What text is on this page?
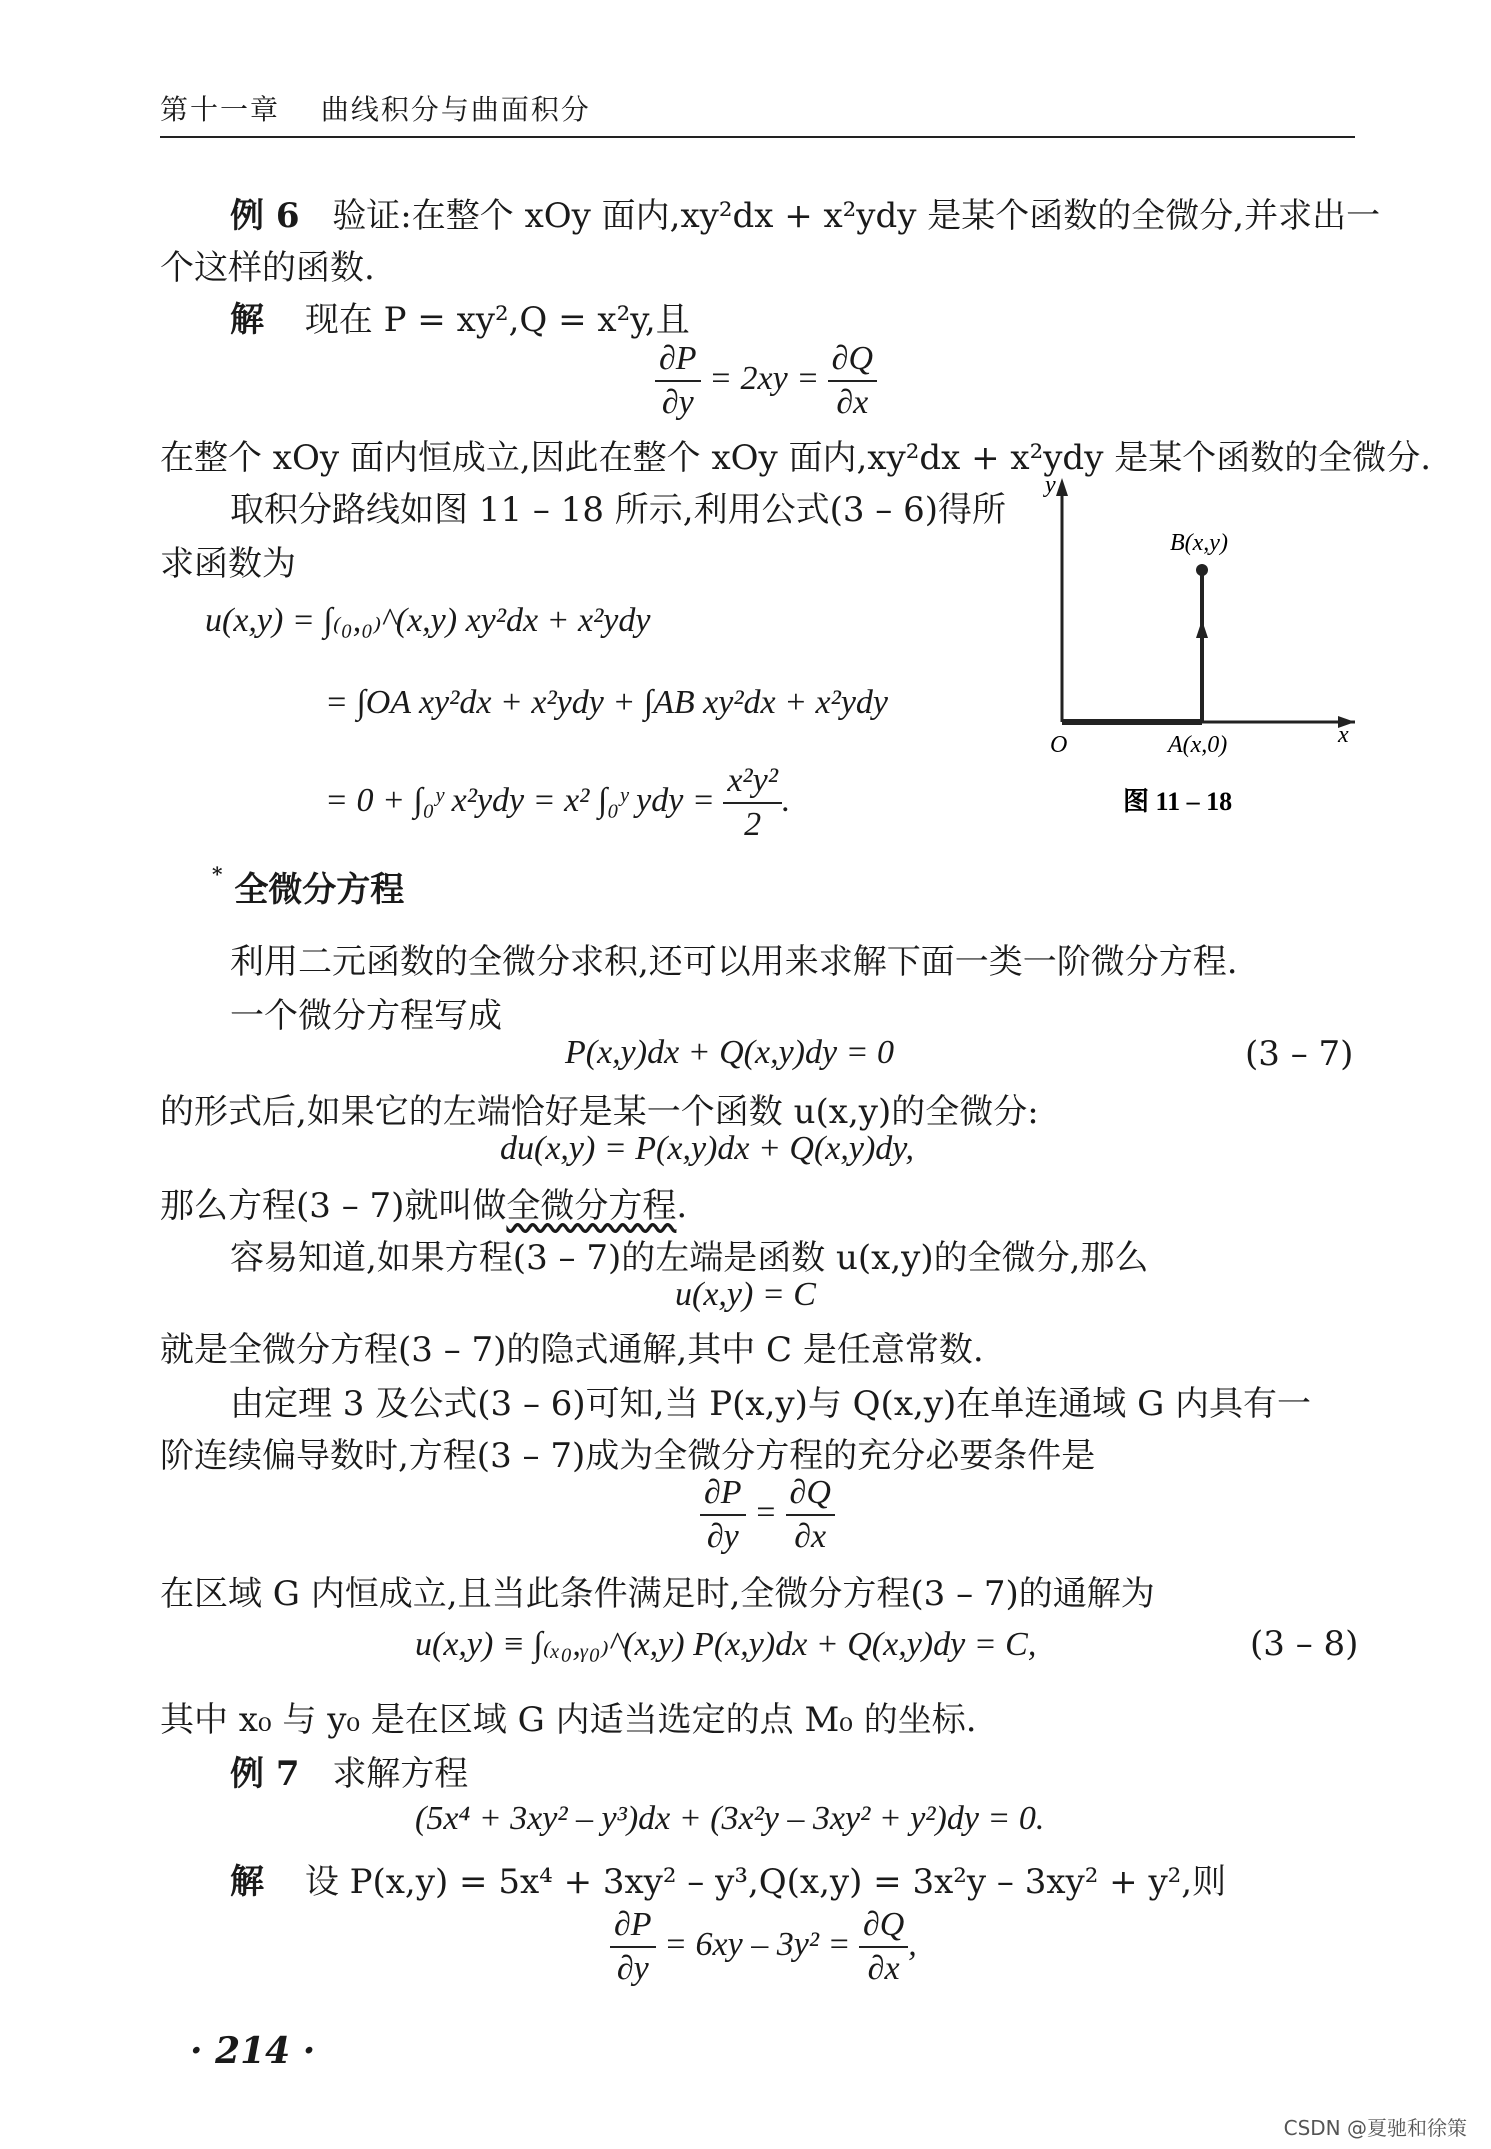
第十一章 曲线积分与曲面积分
例 6 验证:在整个 xOy 面内,xy²dx + x²ydy 是某个函数的全微分,并求出一
个这样的函数.
解 现在 P = xy²,Q = x²y,且
$\frac{\partial P}{\partial y} = 2xy = \frac{\partial Q}{\partial x}$
在整个 xOy 面内恒成立,因此在整个 xOy 面内,xy²dx + x²ydy 是某个函数的全微分.
取积分路线如图 11 – 18 所示,利用公式(3 – 6)得所
求函数为
u(x,y) = ∫₍₀,₀₎^(x,y) xy²dx + x²ydy
= ∫OA xy²dx + x²ydy + ∫AB xy²dx + x²ydy
= 0 + ∫₀ʸ x²ydy = x² ∫₀ʸ ydy = $\frac{\text{x²y²}}{2}$ .
y
x
O
B(x,y)
A(x,0)
图 11 – 18
* 全微分方程
利用二元函数的全微分求积,还可以用来求解下面一类一阶微分方程.
一个微分方程写成
P(x,y)dx + Q(x,y)dy = 0	(3 – 7)
的形式后,如果它的左端恰好是某一个函数 u(x,y)的全微分:
du(x,y) = P(x,y)dx + Q(x,y)dy,
那么方程(3 – 7)就叫做全微分方程.
容易知道,如果方程(3 – 7)的左端是函数 u(x,y)的全微分,那么
u(x,y) = C
就是全微分方程(3 – 7)的隐式通解,其中 C 是任意常数.
由定理 3 及公式(3 – 6)可知,当 P(x,y)与 Q(x,y)在单连通域 G 内具有一
阶连续偏导数时,方程(3 – 7)成为全微分方程的充分必要条件是
$\frac{\partial P}{\partial y} = \frac{\partial Q}{\partial x}$
在区域 G 内恒成立,且当此条件满足时,全微分方程(3 – 7)的通解为
u(x,y) ≡ ∫₍ₓ₀,ᵧ₀₎^(x,y) P(x,y)dx + Q(x,y)dy = C,	(3 – 8)
其中 x₀ 与 y₀ 是在区域 G 内适当选定的点 M₀ 的坐标.
例 7 求解方程
(5x⁴ + 3xy² – y³)dx + (3x²y – 3xy² + y²)dy = 0.
解 设 P(x,y) = 5x⁴ + 3xy² – y³,Q(x,y) = 3x²y – 3xy² + y²,则
$\frac{\partial P}{\partial y} = 6xy - 3y^2 = \frac{\partial Q}{\partial x}$ ,
· 214 ·
CSDN @夏驰和徐策
